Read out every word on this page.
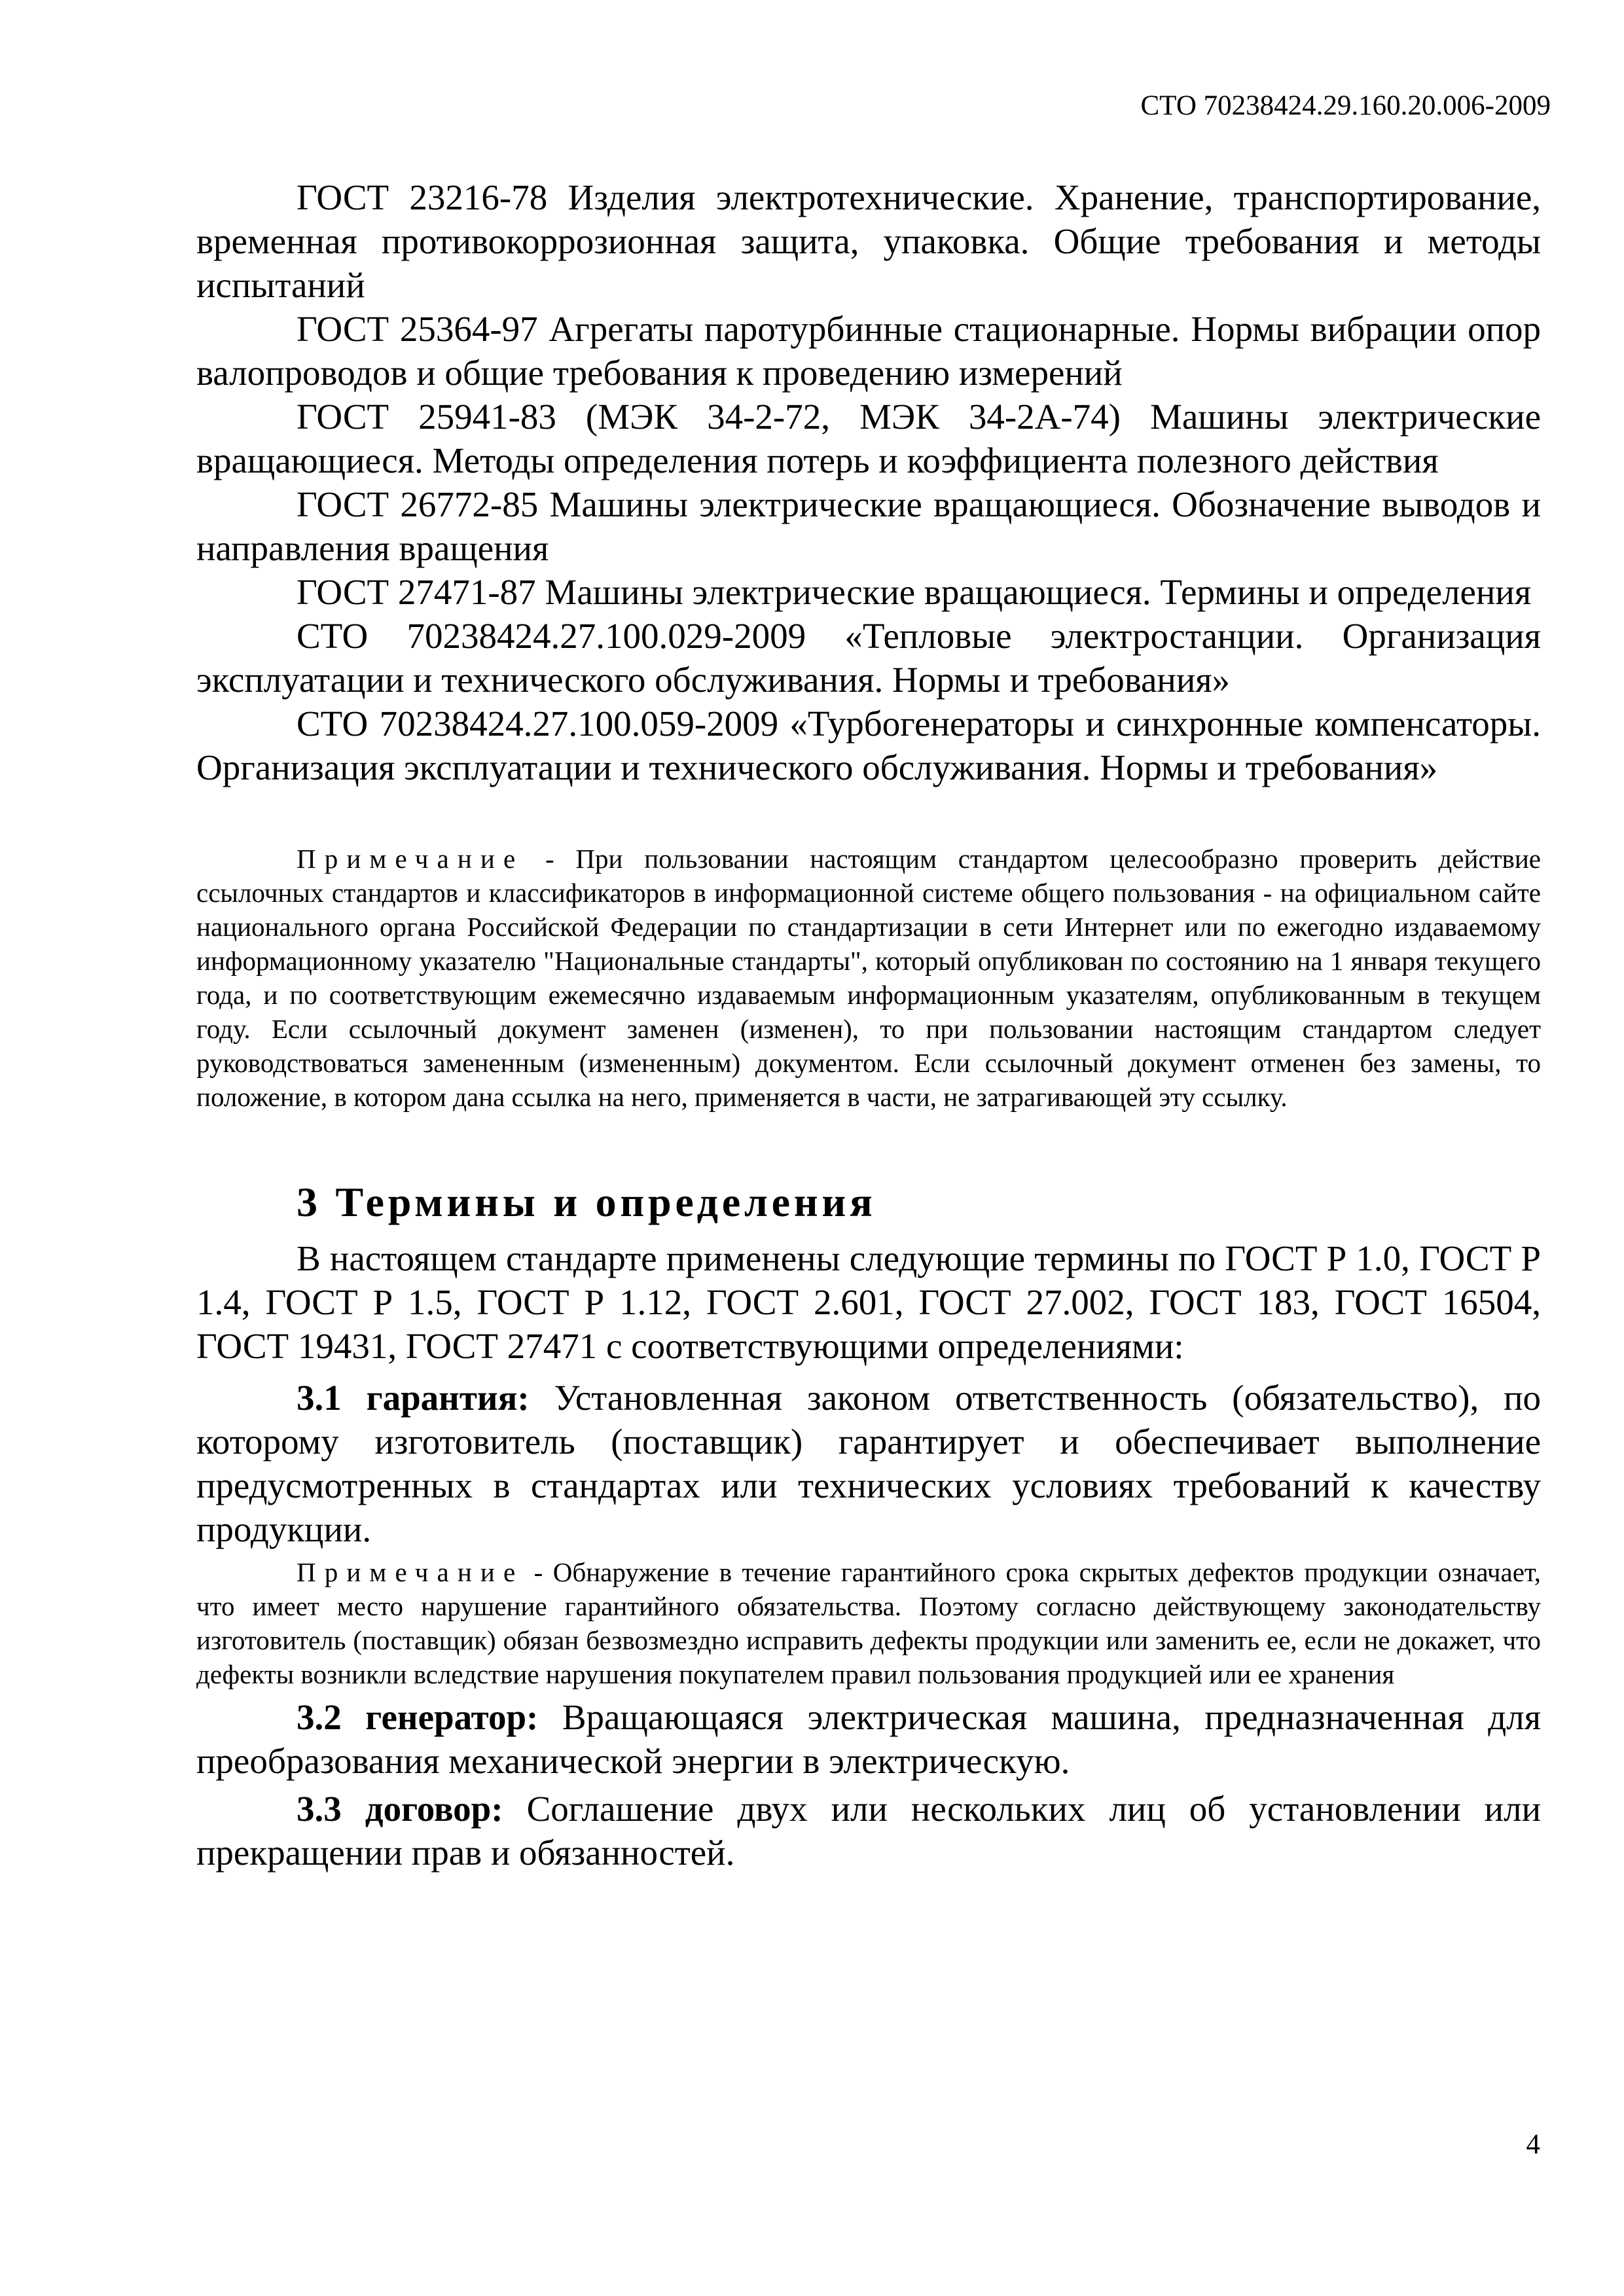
СТО 70238424.29.160.20.006-2009

ГОСТ 23216-78 Изделия электротехнические. Хранение, транспортирование, временная противокоррозионная защита, упаковка. Общие требования и методы испытаний

ГОСТ 25364-97 Агрегаты паротурбинные стационарные. Нормы вибрации опор валопроводов и общие требования к проведению измерений

ГОСТ 25941-83 (МЭК 34-2-72, МЭК 34-2А-74) Машины электрические вращающиеся. Методы определения потерь и коэффициента полезного действия

ГОСТ 26772-85 Машины электрические вращающиеся. Обозначение выводов и направления вращения

ГОСТ 27471-87 Машины электрические вращающиеся. Термины и определения

СТО 70238424.27.100.029-2009 «Тепловые электростанции. Организация эксплуатации и технического обслуживания. Нормы и требования»

СТО 70238424.27.100.059-2009 «Турбогенераторы и синхронные компенсаторы. Организация эксплуатации и технического обслуживания. Нормы и требования»

Примечание - При пользовании настоящим стандартом целесообразно проверить действие ссылочных стандартов и классификаторов в информационной системе общего пользования - на официальном сайте национального органа Российской Федерации по стандартизации в сети Интернет или по ежегодно издаваемому информационному указателю "Национальные стандарты", который опубликован по состоянию на 1 января текущего года, и по соответствующим ежемесячно издаваемым информационным указателям, опубликованным в текущем году. Если ссылочный документ заменен (изменен), то при пользовании настоящим стандартом следует руководствоваться замененным (измененным) документом. Если ссылочный документ отменен без замены, то положение, в котором дана ссылка на него, применяется в части, не затрагивающей эту ссылку.

3 Термины и определения

В настоящем стандарте применены следующие термины по ГОСТ Р 1.0, ГОСТ Р 1.4, ГОСТ Р 1.5, ГОСТ Р 1.12, ГОСТ 2.601, ГОСТ 27.002, ГОСТ 183, ГОСТ 16504, ГОСТ 19431, ГОСТ 27471 с соответствующими определениями:

3.1 гарантия: Установленная законом ответственность (обязательство), по которому изготовитель (поставщик) гарантирует и обеспечивает выполнение предусмотренных в стандартах или технических условиях требований к качеству продукции.

Примечание - Обнаружение в течение гарантийного срока скрытых дефектов продукции означает, что имеет место нарушение гарантийного обязательства. Поэтому согласно действующему законодательству изготовитель (поставщик) обязан безвозмездно исправить дефекты продукции или заменить ее, если не докажет, что дефекты возникли вследствие нарушения покупателем правил пользования продукцией или ее хранения

3.2 генератор: Вращающаяся электрическая машина, предназначенная для преобразования механической энергии в электрическую.

3.3 договор: Соглашение двух или нескольких лиц об установлении или прекращении прав и обязанностей.

4
